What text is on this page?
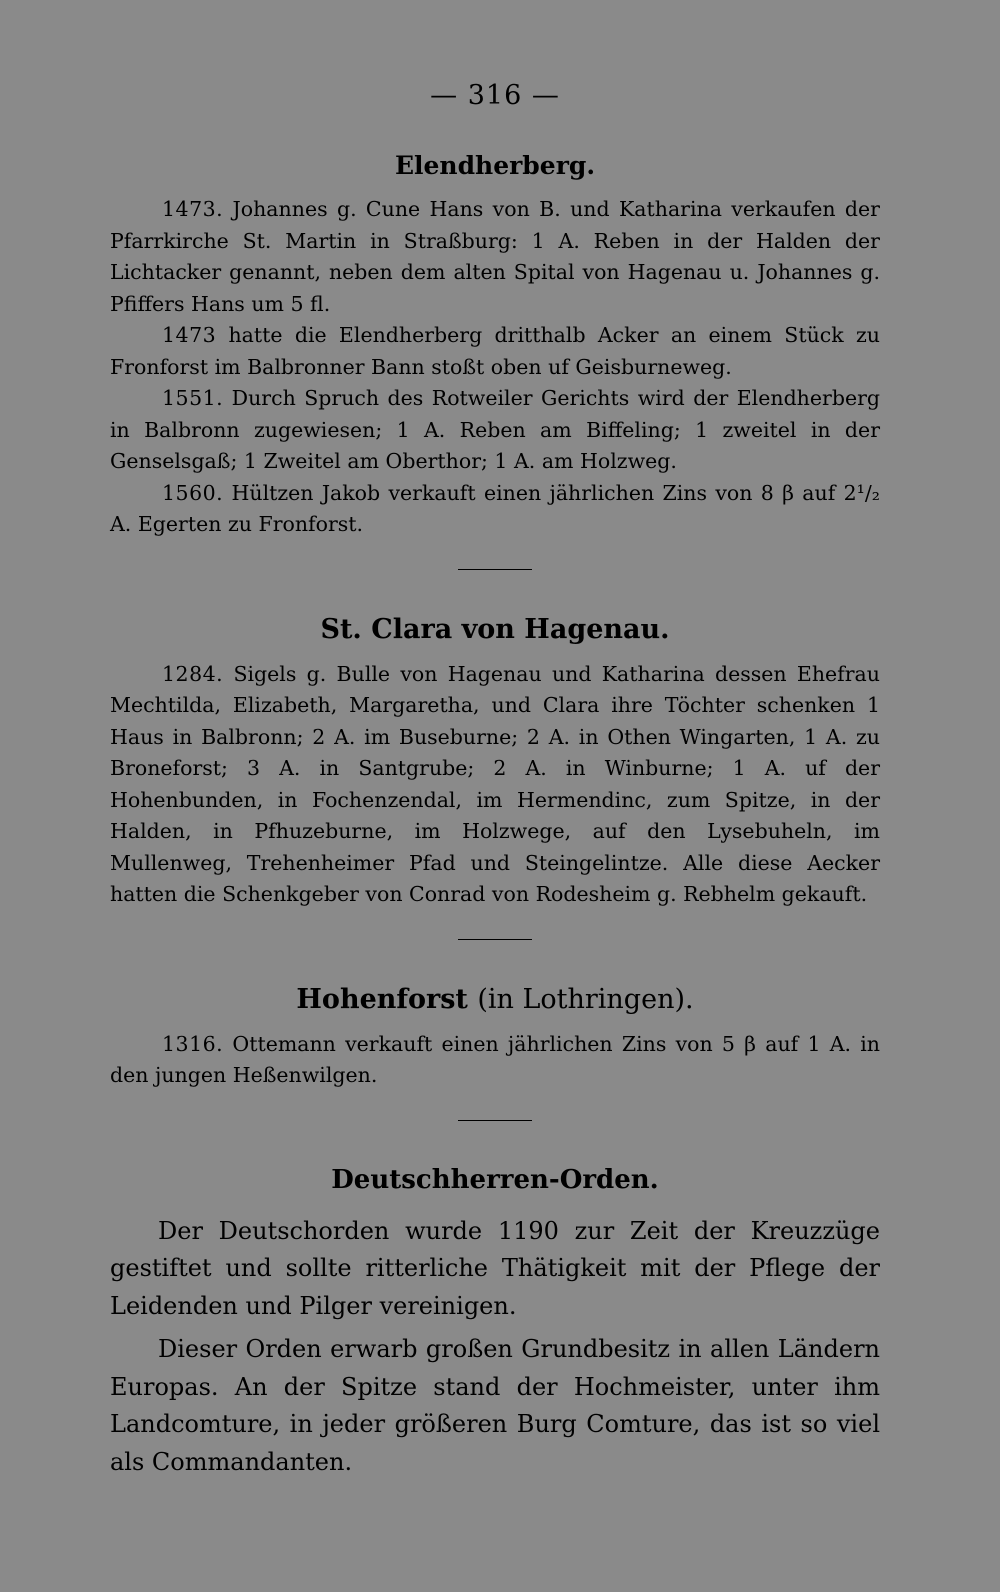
— 316 —
Elendherberg.

1473. Johannes g. Cune Hans von B. und Katharina verkaufen der Pfarrkirche St. Martin in Straßburg: 1 A. Reben in der Halden der Lichtacker genannt, neben dem alten Spital von Hagenau u. Johannes g. Pfiffers Hans um 5 fl.

1473 hatte die Elendherberg dritthalb Acker an einem Stück zu Fronforst im Balbronner Bann stoßt oben uf Geisburneweg.

1551. Durch Spruch des Rotweiler Gerichts wird der Elendherberg in Balbronn zugewiesen; 1 A. Reben am Biffeling; 1 zweitel in der Genselsgaß; 1 Zweitel am Oberthor; 1 A. am Holzweg.

1560. Hültzen Jakob verkauft einen jährlichen Zins von 8 β auf 2¹/₂ A. Egerten zu Fronforst.

St. Clara von Hagenau.

1284. Sigels g. Bulle von Hagenau und Katharina dessen Ehefrau Mechtilda, Elizabeth, Margaretha, und Clara ihre Töchter schenken 1 Haus in Balbronn; 2 A. im Buseburne; 2 A. in Othen Wingarten, 1 A. zu Broneforst; 3 A. in Santgrube; 2 A. in Winburne; 1 A. uf der Hohenbunden, in Fochenzendal, im Hermendinc, zum Spitze, in der Halden, in Pfhuzeburne, im Holzwege, auf den Lysebuheln, im Mullenweg, Trehenheimer Pfad und Steingelintze. Alle diese Aecker hatten die Schenkgeber von Conrad von Rodesheim g. Rebhelm gekauft.

Hohenforst (in Lothringen).

1316. Ottemann verkauft einen jährlichen Zins von 5 β auf 1 A. in den jungen Heßenwilgen.

Deutschherren-Orden.

Der Deutschorden wurde 1190 zur Zeit der Kreuzzüge gestiftet und sollte ritterliche Thätigkeit mit der Pflege der Leidenden und Pilger vereinigen.

Dieser Orden erwarb großen Grundbesitz in allen Ländern Europas. An der Spitze stand der Hochmeister, unter ihm Landcomture, in jeder größeren Burg Comture, das ist so viel als Commandanten.
